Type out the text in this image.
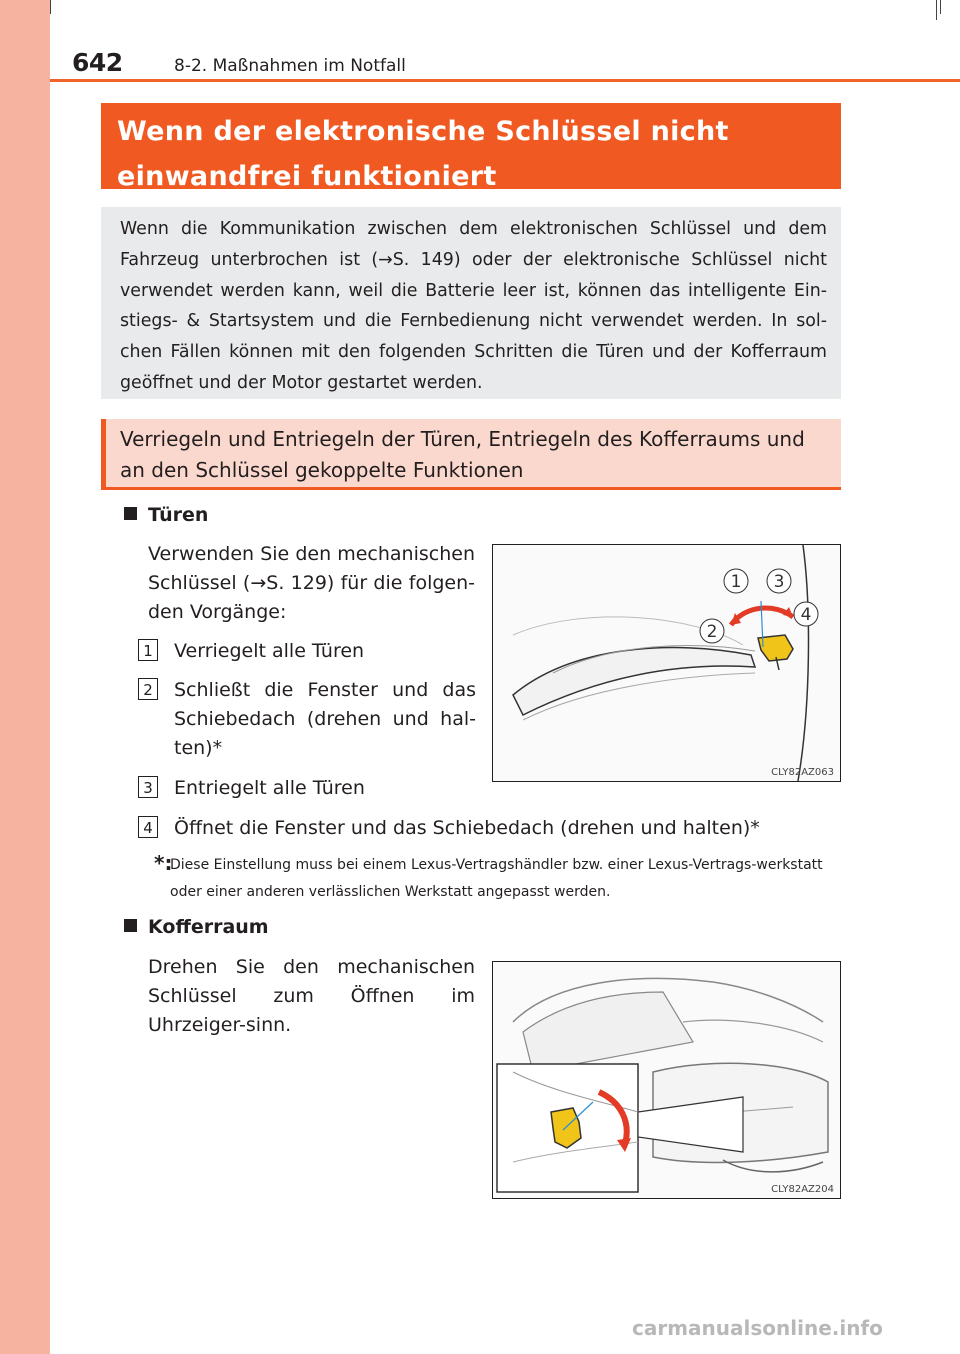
642	8-2. Maßnahmen im Notfall
Wenn der elektronische Schlüssel nicht einwandfrei funktioniert
Wenn die Kommunikation zwischen dem elektronischen Schlüssel und dem Fahrzeug unterbrochen ist (→S. 149) oder der elektronische Schlüssel nicht verwendet werden kann, weil die Batterie leer ist, können das intelligente Ein-stiegs- & Startsystem und die Fernbedienung nicht verwendet werden. In sol-chen Fällen können mit den folgenden Schritten die Türen und der Kofferraum geöffnet und der Motor gestartet werden.
Verriegeln und Entriegeln der Türen, Entriegeln des Kofferraums und an den Schlüssel gekoppelte Funktionen
Türen
Verwenden Sie den mechanischen Schlüssel (→S. 129) für die folgen-den Vorgänge:
1 Verriegelt alle Türen
2 Schließt die Fenster und das Schiebedach (drehen und hal-ten)*
3 Entriegelt alle Türen
4 Öffnet die Fenster und das Schiebedach (drehen und halten)*
*:
Diese Einstellung muss bei einem Lexus-Vertragshändler bzw. einer Lexus-Vertrags-werkstatt oder einer anderen verlässlichen Werkstatt angepasst werden.
1
2
3
4
CLY82AZ063
Kofferraum
Drehen Sie den mechanischen Schlüssel zum Öffnen im Uhrzeiger-sinn.
CLY82AZ204
carmanualsonline.info
